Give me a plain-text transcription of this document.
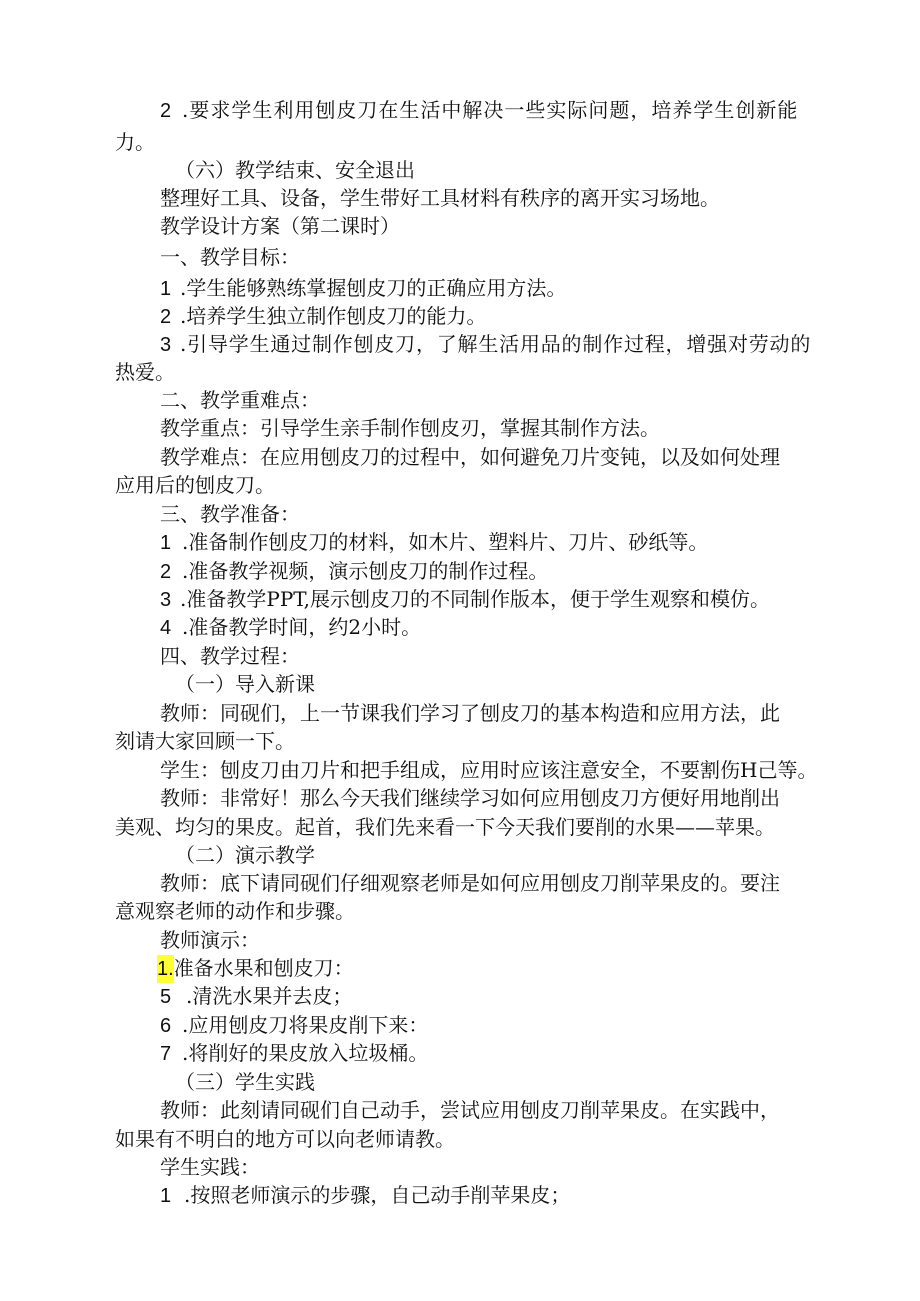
2 .要求学生利用刨皮刀在生活中解决一些实际问题，培养学生创新能
力。
（六）教学结束、安全退出
整理好工具、设备，学生带好工具材料有秩序的离开实习场地。
教学设计方案（第二课时）
一、教学目标：
1 .学生能够熟练掌握刨皮刀的正确应用方法。
2 .培养学生独立制作刨皮刀的能力。
3 .引导学生通过制作刨皮刀，了解生活用品的制作过程，增强对劳动的
热爱。
二、教学重难点：
教学重点：引导学生亲手制作刨皮刃，掌握其制作方法。
教学难点：在应用刨皮刀的过程中，如何避免刀片变钝，以及如何处理
应用后的刨皮刀。
三、教学准备：
1 .准备制作刨皮刀的材料，如木片、塑料片、刀片、砂纸等。
2 .准备教学视频，演示刨皮刀的制作过程。
3 .准备教学PPT,展示刨皮刀的不同制作版本，便于学生观察和模仿。
4 .准备教学时间，约2小时。
四、教学过程：
（一）导入新课
教师：同砚们，上一节课我们学习了刨皮刀的基本构造和应用方法，此
刻请大家回顾一下。
学生：刨皮刀由刀片和把手组成，应用时应该注意安全，不要割伤H己等。
教师：非常好！那么今天我们继续学习如何应用刨皮刀方便好用地削出
美观、均匀的果皮。起首，我们先来看一下今天我们要削的水果——苹果。
（二）演示教学
教师：底下请同砚们仔细观察老师是如何应用刨皮刀削苹果皮的。要注
意观察老师的动作和步骤。
教师演示：
1.准备水果和刨皮刀：
5 .清洗水果并去皮；
6 .应用刨皮刀将果皮削下来：
7 .将削好的果皮放入垃圾桶。
（三）学生实践
教师：此刻请同砚们自己动手，尝试应用刨皮刀削苹果皮。在实践中，
如果有不明白的地方可以向老师请教。
学生实践：
1 .按照老师演示的步骤，自己动手削苹果皮；
